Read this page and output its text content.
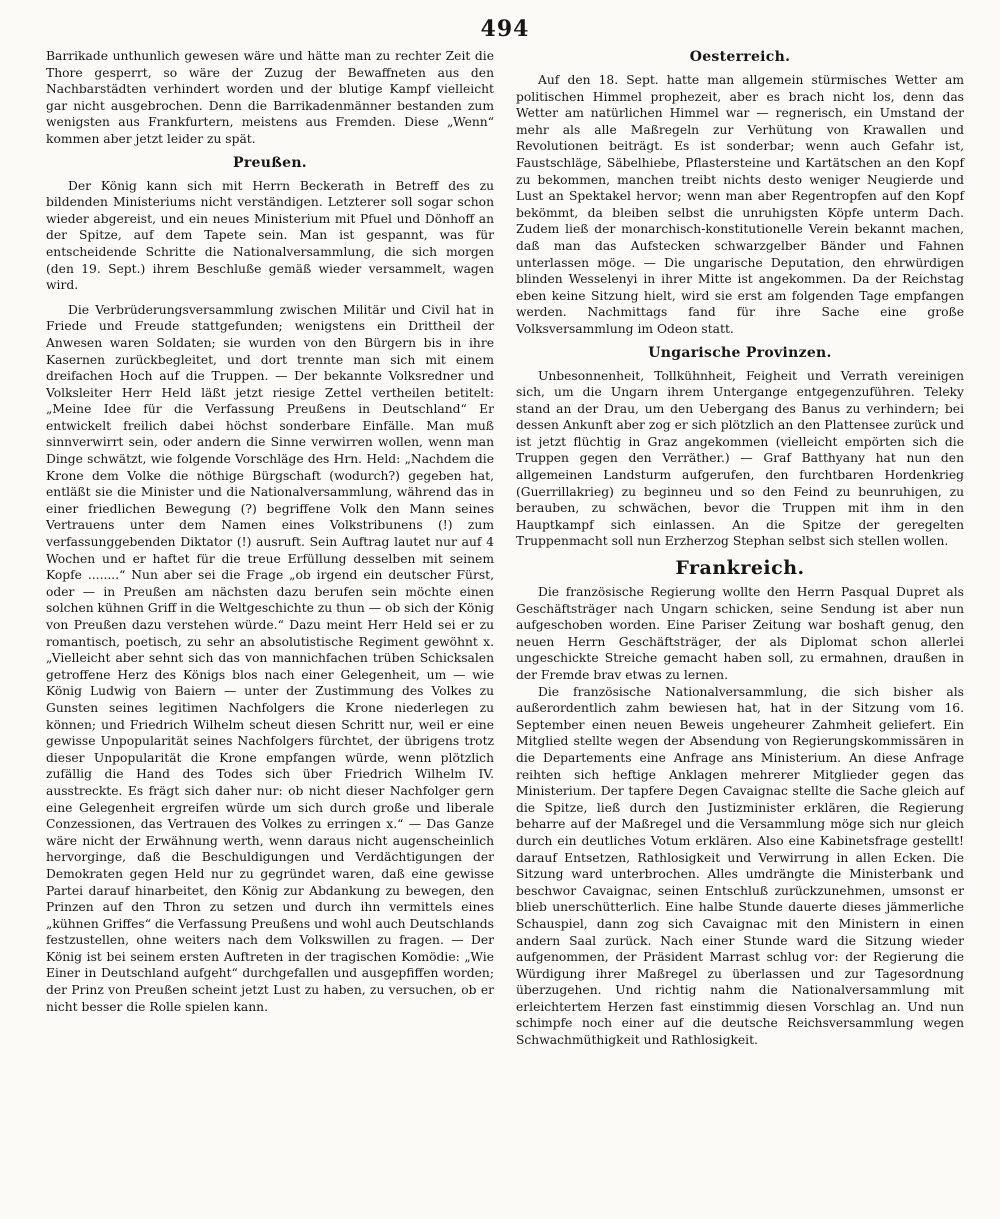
494

Barrikade unthunlich gewesen wäre und hätte man zu rechter Zeit die Thore gesperrt, so wäre der Zuzug der Bewaffneten aus den Nachbarstädten verhindert worden und der blutige Kampf vielleicht gar nicht ausgebrochen. Denn die Barrikadenmänner bestanden zum wenigsten aus Frankfurtern, meistens aus Fremden. Diese „Wenn“ kommen aber jetzt leider zu spät.

Preußen.

Der König kann sich mit Herrn Beckerath in Betreff des zu bildenden Ministeriums nicht verständigen. Letzterer soll sogar schon wieder abgereist, und ein neues Ministerium mit Pfuel und Dönhoff an der Spitze, auf dem Tapete sein. Man ist gespannt, was für entscheidende Schritte die Nationalversammlung, die sich morgen (den 19. Sept.) ihrem Beschluße gemäß wieder versammelt, wagen wird.

Die Verbrüderungsversammlung zwischen Militär und Civil hat in Friede und Freude stattgefunden; wenigstens ein Drittheil der Anwesen waren Soldaten; sie wurden von den Bürgern bis in ihre Kasernen zurückbegleitet, und dort trennte man sich mit einem dreifachen Hoch auf die Truppen. — Der bekannte Volksredner und Volksleiter Herr Held läßt jetzt riesige Zettel vertheilen betitelt: „Meine Idee für die Verfassung Preußens in Deutschland“ Er entwickelt freilich dabei höchst sonderbare Einfälle. Man muß sinnverwirrt sein, oder andern die Sinne verwirren wollen, wenn man Dinge schwätzt, wie folgende Vorschläge des Hrn. Held: „Nachdem die Krone dem Volke die nöthige Bürgschaft (wodurch?) gegeben hat, entläßt sie die Minister und die Nationalversammlung, während das in einer friedlichen Bewegung (?) begriffene Volk den Mann seines Vertrauens unter dem Namen eines Volkstribunens (!) zum verfassunggebenden Diktator (!) ausruft. Sein Auftrag lautet nur auf 4 Wochen und er haftet für die treue Erfüllung desselben mit seinem Kopfe ........“ Nun aber sei die Frage „ob irgend ein deutscher Fürst, oder — in Preußen am nächsten dazu berufen sein möchte einen solchen kühnen Griff in die Weltgeschichte zu thun — ob sich der König von Preußen dazu verstehen würde.“ Dazu meint Herr Held sei er zu romantisch, poetisch, zu sehr an absolutistische Regiment gewöhnt x. „Vielleicht aber sehnt sich das von mannichfachen trüben Schicksalen getroffene Herz des Königs blos nach einer Gelegenheit, um — wie König Ludwig von Baiern — unter der Zustimmung des Volkes zu Gunsten seines legitimen Nachfolgers die Krone niederlegen zu können; und Friedrich Wilhelm scheut diesen Schritt nur, weil er eine gewisse Unpopularität seines Nachfolgers fürchtet, der übrigens trotz dieser Unpopularität die Krone empfangen würde, wenn plötzlich zufällig die Hand des Todes sich über Friedrich Wilhelm IV. ausstreckte. Es frägt sich daher nur: ob nicht dieser Nachfolger gern eine Gelegenheit ergreifen würde um sich durch große und liberale Conzessionen, das Vertrauen des Volkes zu erringen x.“ — Das Ganze wäre nicht der Erwähnung werth, wenn daraus nicht augenscheinlich hervorginge, daß die Beschuldigungen und Verdächtigungen der Demokraten gegen Held nur zu gegründet waren, daß eine gewisse Partei darauf hinarbeitet, den König zur Abdankung zu bewegen, den Prinzen auf den Thron zu setzen und durch ihn vermittels eines „kühnen Griffes“ die Verfassung Preußens und wohl auch Deutschlands festzustellen, ohne weiters nach dem Volkswillen zu fragen. — Der König ist bei seinem ersten Auftreten in der tragischen Komödie: „Wie Einer in Deutschland aufgeht“ durchgefallen und ausgepfiffen worden; der Prinz von Preußen scheint jetzt Lust zu haben, zu versuchen, ob er nicht besser die Rolle spielen kann.

Oesterreich.

Auf den 18. Sept. hatte man allgemein stürmisches Wetter am politischen Himmel prophezeit, aber es brach nicht los, denn das Wetter am natürlichen Himmel war — regnerisch, ein Umstand der mehr als alle Maßregeln zur Verhütung von Krawallen und Revolutionen beiträgt. Es ist sonderbar; wenn auch Gefahr ist, Faustschläge, Säbelhiebe, Pflastersteine und Kartätschen an den Kopf zu bekommen, manchen treibt nichts desto weniger Neugierde und Lust an Spektakel hervor; wenn man aber Regentropfen auf den Kopf bekömmt, da bleiben selbst die unruhigsten Köpfe unterm Dach. Zudem ließ der monarchisch-konstitutionelle Verein bekannt machen, daß man das Aufstecken schwarzgelber Bänder und Fahnen unterlassen möge. — Die ungarische Deputation, den ehrwürdigen blinden Wesselenyi in ihrer Mitte ist angekommen. Da der Reichstag eben keine Sitzung hielt, wird sie erst am folgenden Tage empfangen werden. Nachmittags fand für ihre Sache eine große Volksversammlung im Odeon statt.

Ungarische Provinzen.

Unbesonnenheit, Tollkühnheit, Feigheit und Verrath vereinigen sich, um die Ungarn ihrem Untergange entgegenzuführen. Teleky stand an der Drau, um den Uebergang des Banus zu verhindern; bei dessen Ankunft aber zog er sich plötzlich an den Plattensee zurück und ist jetzt flüchtig in Graz angekommen (vielleicht empörten sich die Truppen gegen den Verräther.) — Graf Batthyany hat nun den allgemeinen Landsturm aufgerufen, den furchtbaren Hordenkrieg (Guerrillakrieg) zu beginneu und so den Feind zu beunruhigen, zu berauben, zu schwächen, bevor die Truppen mit ihm in den Hauptkampf sich einlassen. An die Spitze der geregelten Truppenmacht soll nun Erzherzog Stephan selbst sich stellen wollen.

Frankreich.

Die französische Regierung wollte den Herrn Pasqual Dupret als Geschäftsträger nach Ungarn schicken, seine Sendung ist aber nun aufgeschoben worden. Eine Pariser Zeitung war boshaft genug, den neuen Herrn Geschäftsträger, der als Diplomat schon allerlei ungeschickte Streiche gemacht haben soll, zu ermahnen, draußen in der Fremde brav etwas zu lernen.

Die französische Nationalversammlung, die sich bisher als außerordentlich zahm bewiesen hat, hat in der Sitzung vom 16. September einen neuen Beweis ungeheurer Zahmheit geliefert. Ein Mitglied stellte wegen der Absendung von Regierungskommissären in die Departements eine Anfrage ans Ministerium. An diese Anfrage reihten sich heftige Anklagen mehrerer Mitglieder gegen das Ministerium. Der tapfere Degen Cavaignac stellte die Sache gleich auf die Spitze, ließ durch den Justizminister erklären, die Regierung beharre auf der Maßregel und die Versammlung möge sich nur gleich durch ein deutliches Votum erklären. Also eine Kabinetsfrage gestellt! darauf Entsetzen, Rathlosigkeit und Verwirrung in allen Ecken. Die Sitzung ward unterbrochen. Alles umdrängte die Ministerbank und beschwor Cavaignac, seinen Entschluß zurückzunehmen, umsonst er blieb unerschütterlich. Eine halbe Stunde dauerte dieses jämmerliche Schauspiel, dann zog sich Cavaignac mit den Ministern in einen andern Saal zurück. Nach einer Stunde ward die Sitzung wieder aufgenommen, der Präsident Marrast schlug vor: der Regierung die Würdigung ihrer Maßregel zu überlassen und zur Tagesordnung überzugehen. Und richtig nahm die Nationalversammlung mit erleichtertem Herzen fast einstimmig diesen Vorschlag an. Und nun schimpfe noch einer auf die deutsche Reichsversammlung wegen Schwachmüthigkeit und Rathlosigkeit.
